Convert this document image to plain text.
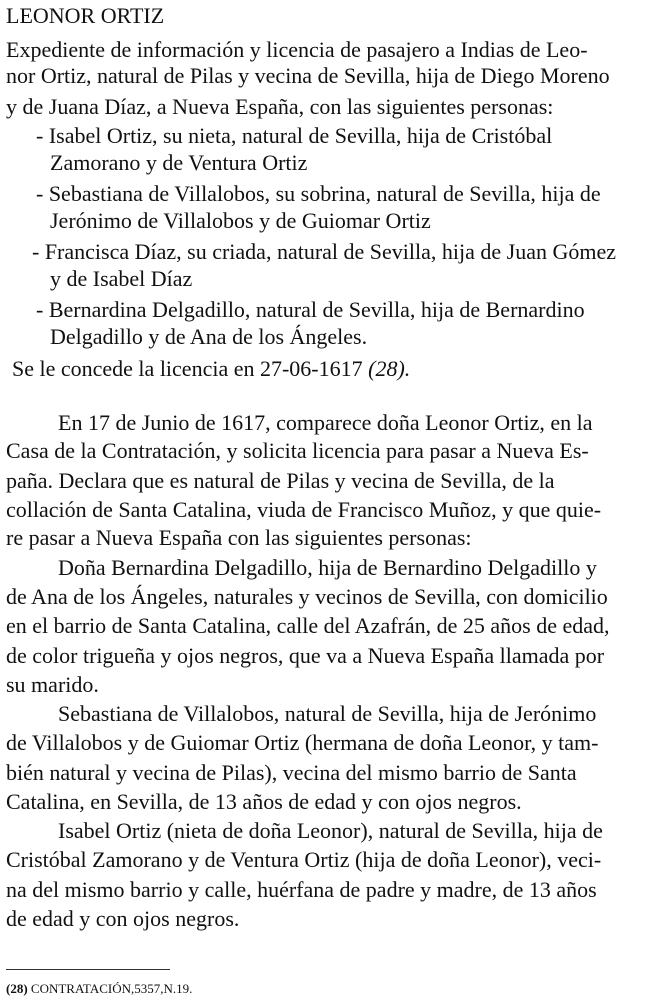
LEONOR ORTIZ
Expediente de información y licencia de pasajero a Indias de Leo-
nor Ortiz, natural de Pilas y vecina de Sevilla, hija de Diego Moreno
y de Juana Díaz, a Nueva España, con las siguientes personas:
- Isabel Ortiz, su nieta, natural de Sevilla, hija de Cristóbal
Zamorano y de Ventura Ortiz
- Sebastiana de Villalobos, su sobrina, natural de Sevilla, hija de
Jerónimo de Villalobos y de Guiomar Ortiz
- Francisca Díaz, su criada, natural de Sevilla, hija de Juan Gómez
y de Isabel Díaz
- Bernardina Delgadillo, natural de Sevilla, hija de Bernardino
Delgadillo y de Ana de los Ángeles.
Se le concede la licencia en 27-06-1617 (28).
En 17 de Junio de 1617, comparece doña Leonor Ortiz, en la
Casa de la Contratación, y solicita licencia para pasar a Nueva Es-
paña. Declara que es natural de Pilas y vecina de Sevilla, de la
collación de Santa Catalina, viuda de Francisco Muñoz, y que quie-
re pasar a Nueva España con las siguientes personas:
Doña Bernardina Delgadillo, hija de Bernardino Delgadillo y
de Ana de los Ángeles, naturales y vecinos de Sevilla, con domicilio
en el barrio de Santa Catalina, calle del Azafrán, de 25 años de edad,
de color trigueña y ojos negros, que va a Nueva España llamada por
su marido.
Sebastiana de Villalobos, natural de Sevilla, hija de Jerónimo
de Villalobos y de Guiomar Ortiz (hermana de doña Leonor, y tam-
bién natural y vecina de Pilas), vecina del mismo barrio de Santa
Catalina, en Sevilla, de 13 años de edad y con ojos negros.
Isabel Ortiz (nieta de doña Leonor), natural de Sevilla, hija de
Cristóbal Zamorano y de Ventura Ortiz (hija de doña Leonor), veci-
na del mismo barrio y calle, huérfana de padre y madre, de 13 años
de edad y con ojos negros.
(28) CONTRATACIÓN,5357,N.19.
